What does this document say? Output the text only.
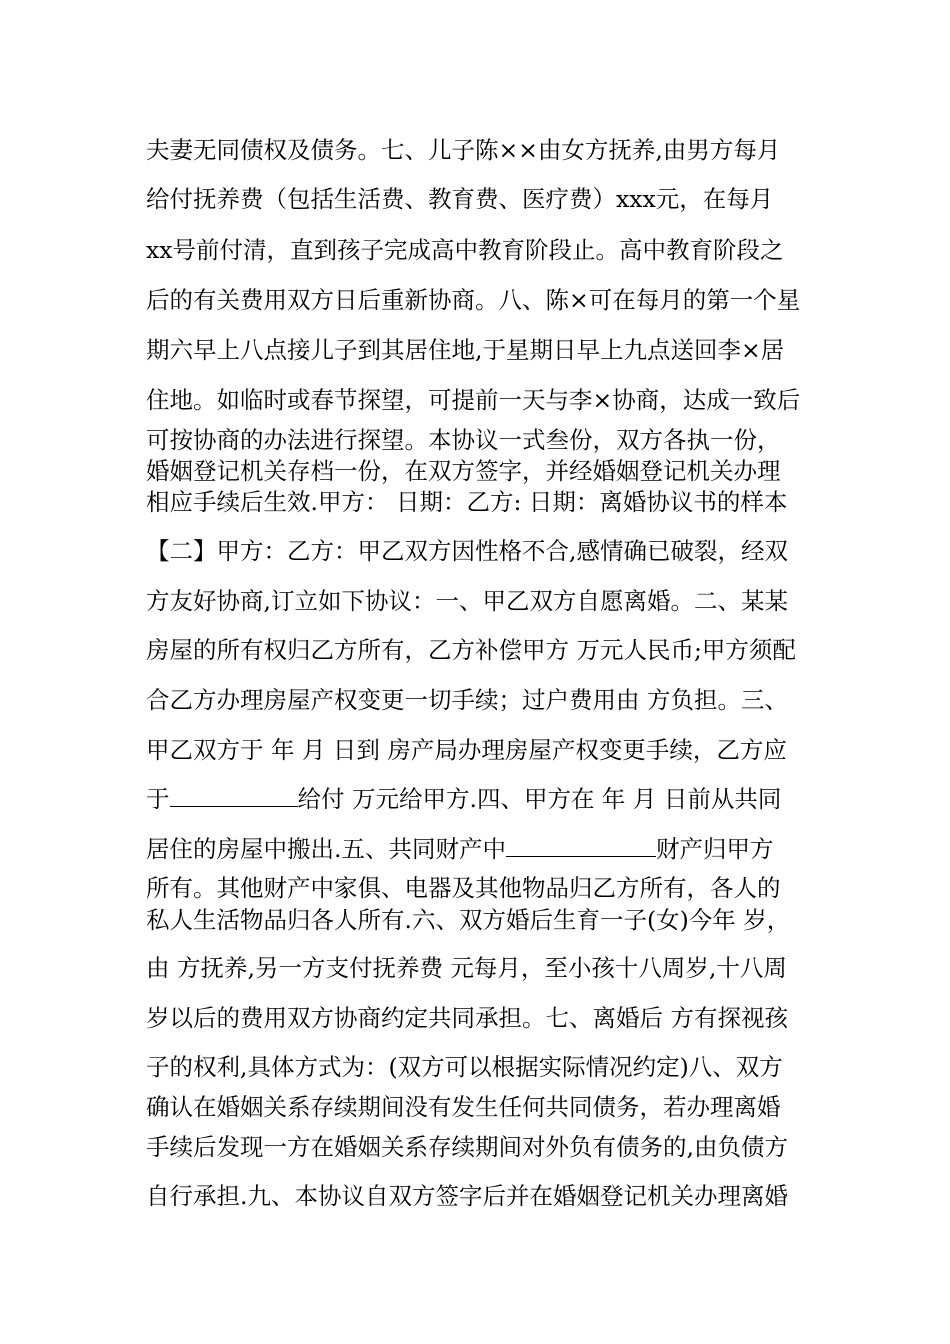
夫妻无同债权及债务。七、儿子陈××由女方抚养,由男方每月
给付抚养费（包括生活费、教育费、医疗费）xxx元，在每月
xx号前付清，直到孩子完成高中教育阶段止。高中教育阶段之
后的有关费用双方日后重新协商。八、陈×可在每月的第一个星
期六早上八点接儿子到其居住地,于星期日早上九点送回李×居
住地。如临时或春节探望，可提前一天与李×协商，达成一致后
可按协商的办法进行探望。本协议一式叁份，双方各执一份，
婚姻登记机关存档一份，在双方签字，并经婚姻登记机关办理
相应手续后生效.甲方： 日期：乙方: 日期：离婚协议书的样本
【二】甲方：乙方：甲乙双方因性格不合,感情确已破裂，经双
方友好协商,订立如下协议：一、甲乙双方自愿离婚。二、某某
房屋的所有权归乙方所有，乙方补偿甲方 万元人民币;甲方须配
合乙方办理房屋产权变更一切手续；过户费用由 方负担。三、
甲乙双方于 年 月 日到 房产局办理房屋产权变更手续，乙方应
于	给付 万元给甲方.四、甲方在 年 月 日前从共同
居住的房屋中搬出.五、共同财产中	财产归甲方
所有。其他财产中家俱、电器及其他物品归乙方所有，各人的
私人生活物品归各人所有.六、双方婚后生育一子(女)今年 岁，
由 方抚养,另一方支付抚养费 元每月，至小孩十八周岁,十八周
岁以后的费用双方协商约定共同承担。七、离婚后 方有探视孩
子的权利,具体方式为：(双方可以根据实际情况约定)八、双方
确认在婚姻关系存续期间没有发生任何共同债务，若办理离婚
手续后发现一方在婚姻关系存续期间对外负有债务的,由负债方
自行承担.九、本协议自双方签字后并在婚姻登记机关办理离婚
